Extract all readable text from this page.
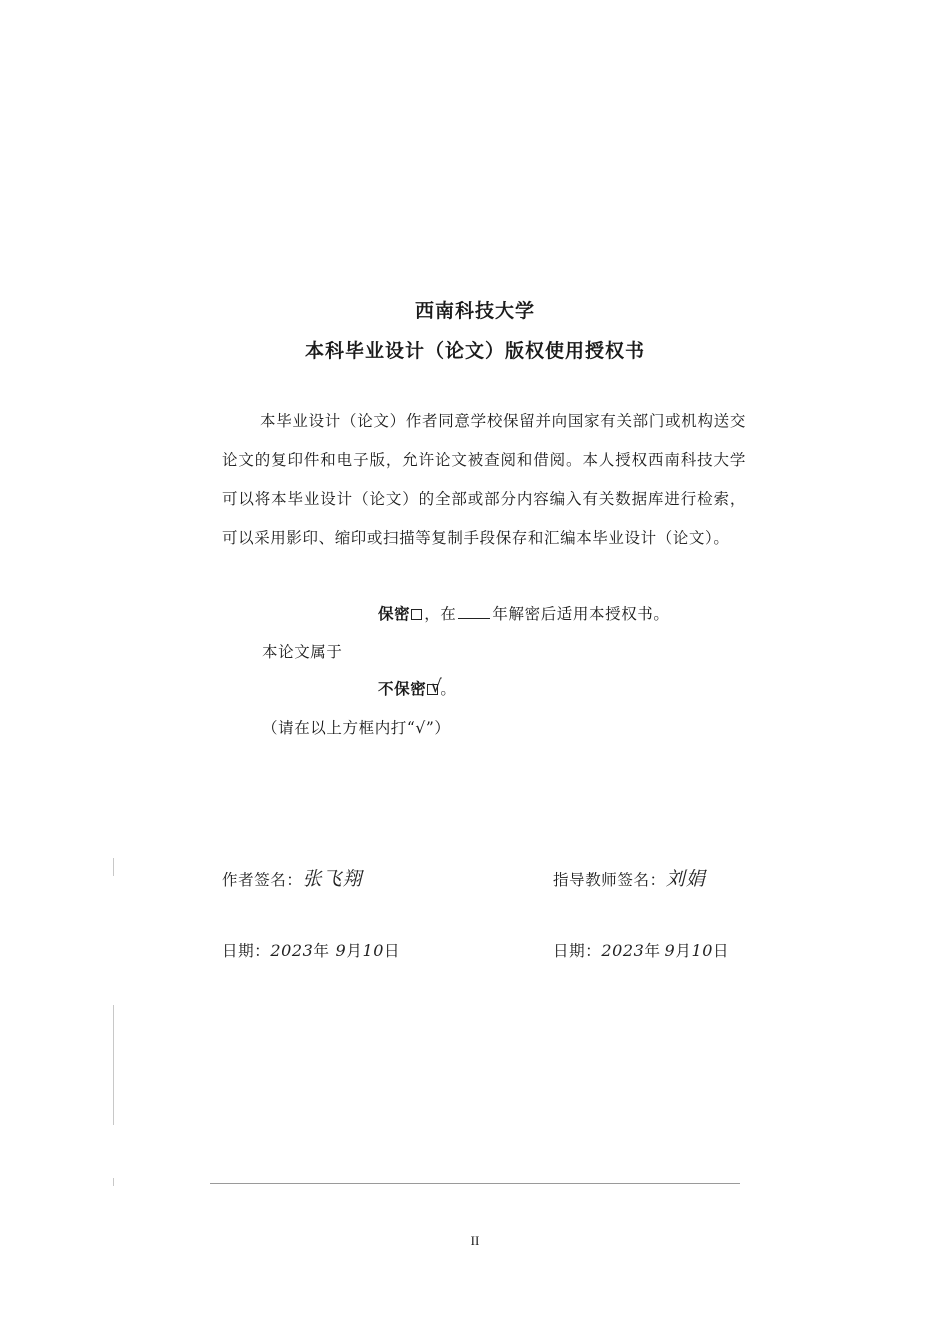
西南科技大学
本科毕业设计（论文）版权使用授权书
本毕业设计（论文）作者同意学校保留并向国家有关部门或机构送交论文的复印件和电子版，允许论文被查阅和借阅。本人授权西南科技大学可以将本毕业设计（论文）的全部或部分内容编入有关数据库进行检索，可以采用影印、缩印或扫描等复制手段保存和汇编本毕业设计（论文）。
保密 ，在 年解密后适用本授权书。
本论文属于
不保密 √
。
（请在以上方框内打“√”）
作者签名：张飞翔	指导教师签名：刘娟
日期：2023年 9月10日	日期：2023年 9月10日
II
